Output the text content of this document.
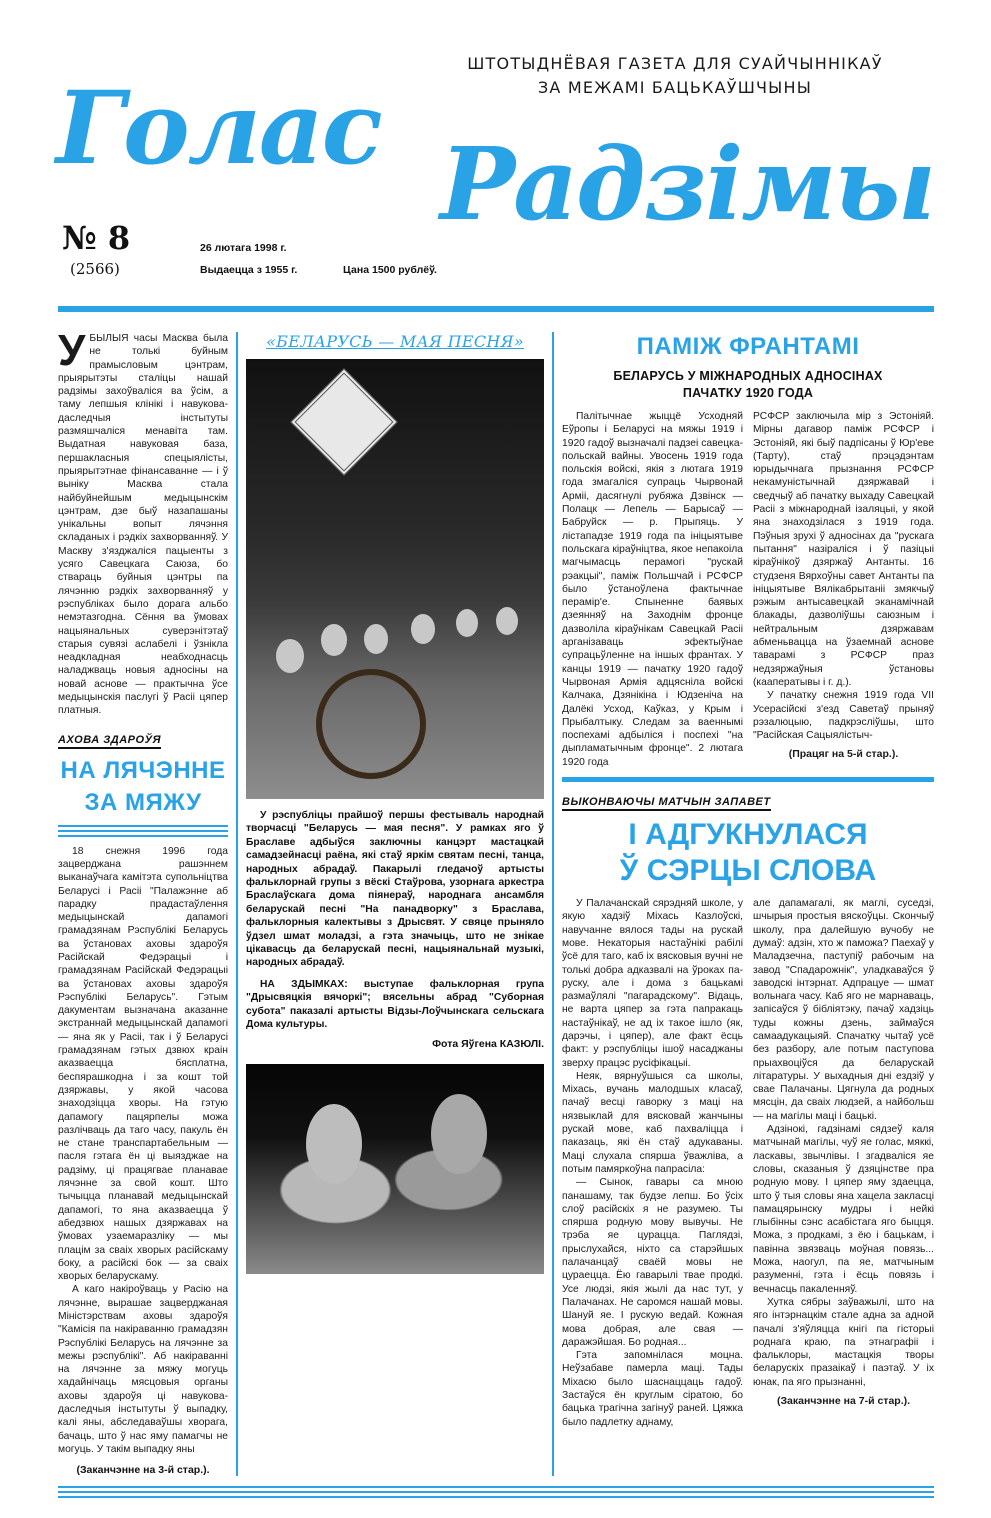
ШТОТЫДНЁВАЯ ГАЗЕТА ДЛЯ СУАЙЧЫННІКАЎ
ЗА МЕЖАМІ БАЦЬКАЎШЧЫНЫ
Голас Радзімы
№ 8
(2566)
26 лютага 1998 г.
Выдаецца з 1955 г.	Цана 1500 рублёў.

УБЫЛЫЯ часы Масква была не толькі буйным прамысловым цэнтрам, прыярытэты сталіцы нашай радзімы захоўваліся ва ўсім, а таму лепшыя клінікі і навукова-даследчыя інстытуты размяшчаліся менавіта там. Выдатная навуковая база, першакласныя спецыялісты, прыярытэтнае фінансаванне — і ў выніку Масква стала найбуйнейшым медыцынскім цэнтрам, дзе быў назапашаны унікальны вопыт лячэння складаных і рэдкіх захворванняў. У Маскву з'язджаліся пацыенты з усяго Савецкага Саюза, бо ствараць буйныя цэнтры па лячэнню рэдкіх захворванняў у рэспубліках было дорага альбо немэтазгодна. Сёння ва ўмовах нацыянальных суверэнітэтаў старыя сувязі аслабелі і ўзнікла неадкладная неабходнасць наладжваць новыя адносіны на новай аснове — практычна ўсе медыцынскія паслугі ў Расіі цяпер платныя.

АХОВА ЗДАРОЎЯ
НА ЛЯЧЭННЕ
ЗА МЯЖУ

18 снежня 1996 года зацверджана рашэннем выканаўчага камітэта супольніцтва Беларусі і Расіі "Палажэнне аб парадку прадастаўлення медыцынскай дапамогі грамадзянам Рэспублікі Беларусь ва ўстановах аховы здароўя Расійскай Федэрацыі і грамадзянам Расійскай Федэрацыі ва ўстановах аховы здароўя Рэспублікі Беларусь". Гэтым дакументам вызначана аказанне экстраннай медыцынскай дапамогі — яна як у Расіі, так і ў Беларусі грамадзянам гэтых дзвюх краін аказваецца бясплатна, беспярашкодна і за кошт той дзяржавы, у якой часова знаходзіцца хворы. На гэтую дапамогу пацярпелы можа разлічваць да таго часу, пакуль ён не стане транспартабельным — пасля гэтага ён ці выязджае на радзіму, ці працягвае планавае лячэнне за свой кошт. Што тычыцца планавай медыцынскай дапамогі, то яна аказваецца ў абедзвюх нашых дзяржавах на ўмовах узаемаразліку — мы плацім за сваіх хворых расійскаму боку, а расійскі бок — за сваіх хворых беларускаму.

А каго накіроўваць у Расію на лячэнне, вырашае зацверджаная Міністэрствам аховы здароўя "Камісія па накіраванню грамадзян Рэспублікі Беларусь на лячэнне за межы рэспублікі". Аб накіраванні на лячэнне за мяжу могуць хадайнічаць мясцовыя органы аховы здароўя ці навукова-даследчыя інстытуты ў выпадку, калі яны, абследаваўшы хворага, бачаць, што ў нас яму памагчы не могуць. У такім выпадку яны

(Заканчэнне на 3-й стар.).
«БЕЛАРУСЬ — МАЯ ПЕСНЯ»

У рэспубліцы прайшоў першы фестываль народнай творчасці "Беларусь — мая песня". У рамках яго ў Браславе адбыўся заключны канцэрт мастацкай самадзейнасці раёна, які стаў яркім святам песні, танца, народных абрадаў. Пакарылі гледачоў артысты фальклорнай групы з вёскі Стаўрова, узорнага аркестра Браслаўскага дома піянераў, народнага ансамбля беларускай песні "На панадворку" з Браслава, фальклорныя калектывы з Дрысвят. У свяце прыняло ўдзел шмат моладзі, а гэта значыць, што не знікае цікавасць да беларускай песні, нацыянальнай музыкі, народных абрадаў.

НА ЗДЫМКАХ: выступае фальклорная група "Дрысвяцкія вячоркі"; вясельны абрад "Суборная субота" паказалі артысты Відзы-Лоўчынскага сельскага Дома культуры.

Фота Яўгена КАЗЮЛІ.
ПАМІЖ ФРАНТАМІ
БЕЛАРУСЬ У МІЖНАРОДНЫХ АДНОСІНАХ
ПАЧАТКУ 1920 ГОДА

Палітычнае жыццё Усходняй Еўропы і Беларусі на мяжы 1919 і 1920 гадоў вызначалі падзеі савецка-польскай вайны. Увосень 1919 года польскія войскі, якія з лютага 1919 года змагаліся супраць Чырвонай Арміі, дасягнулі рубяжа Дзвінск — Полацк — Лепель — Барысаў — Бабруйск — р. Прыпяць. У лістападзе 1919 года па ініцыятыве польскага кіраўніцтва, якое непакоіла магчымасць перамогі "рускай рэакцыі", паміж Польшчай і РСФСР было ўстаноўлена фактычнае перамір'е. Спыненне баявых дзеянняў на Заходнім фронце дазволіла кіраўнікам Савецкай Расіі арганізаваць эфектыўнае супрацьўленне на іншых франтах. У канцы 1919 — пачатку 1920 гадоў Чырвоная Армія адцясніла войскі Калчака, Дзянікіна і Юдзеніча на Далёкі Усход, Каўказ, у Крым і Прыбалтыку. Следам за ваеннымі поспехамі адбыліся і поспехі "на дыпламатычным фронце". 2 лютага 1920 года

РСФСР заключыла мір з Эстоніяй. Мірны дагавор паміж РСФСР і Эстоніяй, які быў падпісаны ў Юр'еве (Тарту), стаў прэцэдэнтам юрыдычнага прызнання РСФСР некамуністычнай дзяржавай і сведчыў аб пачатку выхаду Савецкай Расіі з міжнароднай ізаляцыі, у якой яна знаходзілася з 1919 года. Пэўныя зрухі ў адносінах да "рускага пытання" назіраліся і ў пазіцыі кіраўнікоў дзяржаў Антанты. 16 студзеня Вярхоўны савет Антанты па ініцыятыве Вялікабрытаніі змякчыў рэжым антысавецкай эканамічнай блакады, дазволіўшы саюзным і нейтральным дзяржавам абменьвацца на ўзаемнай аснове таварамі з РСФСР праз недзяржаўныя ўстановы (кааператывы і г. д.).

У пачатку снежня 1919 года VII Усерасійскі з'езд Саветаў прыняў рэзалюцыю, падкрэсліўшы, што "Расійская Сацыялістыч-

(Працяг на 5-й стар.).
ВЫКОНВАЮЧЫ МАТЧЫН ЗАПАВЕТ
І АДГУКНУЛАСЯ
Ў СЭРЦЫ СЛОВА

У Палачанскай сярэдняй школе, у якую хадзіў Міхась Казлоўскі, навучанне вялося тады на рускай мове. Некаторыя настаўнікі рабілі ўсё для таго, каб іх вясковыя вучні не толькі добра адказвалі на ўроках па-руску, але і дома з бацькамі размаўлялі "пагарадскому". Відаць, не варта цяпер за гэта папракаць настаўнікаў, не ад іх такое ішло (як, дарэчы, і цяпер), але факт ёсць факт: у рэспубліцы ішоў насаджаны зверху працэс русіфікацыі.

Неяк, вярнуўшыся са школы, Міхась, вучань малодшых класаў, пачаў весці гаворку з маці на нязвыклай для вясковай жанчыны рускай мове, каб пахваліцца і паказаць, які ён стаў адукаваны. Маці слухала спярша ўважліва, а потым памяркоўна папрасіла:

— Сынок, гавары са мною панашаму, так будзе лепш. Бо ўсіх слоў расійскіх я не разумею. Ты спярша родную мову вывучы. Не трэба яе цурацца. Паглядзі, прыслухайся, ніхто са старэйшых палачанцаў сваёй мовы не цураецца. Ёю гаварылі твае продкі. Усе людзі, якія жылі да нас тут, у Палачанах. Не саромся нашай мовы. Шануй яе. І рускую ведай. Кожная мова добрая, але свая — даражэйшая. Бо родная...

Гэта запомнілася моцна. Неўзабаве памерла маці. Тады Міхасю было шаснаццаць гадоў. Застаўся ён круглым сіратою, бо бацька трагічна загінуў раней. Цяжка было падлетку аднаму,

але дапамагалі, як маглі, суседзі, шчырыя простыя вяскоўцы. Скончыў школу, пра далейшую вучобу не думаў: адзін, хто ж паможа? Паехаў у Маладзечна, паступіў рабочым на завод "Спадарожнік", уладкаваўся ў заводскі інтэрнат. Адпрацуе — шмат вольнага часу. Каб яго не марнаваць, запісаўся ў бібліятэку, пачаў хадзіць туды кожны дзень, займаўся самаадукацыяй. Спачатку чытаў усё без разбору, але потым паступова прыахвоціўся да беларускай літаратуры. У выхадныя дні ездзіў у свае Палачаны. Цягнула да родных мясцін, да сваіх людзей, а найбольш — на магілы маці і бацькі.

Адзінокі, гадзінамі сядзеў каля матчынай магілы, чуў яе голас, мяккі, ласкавы, звычлівы. І згадваліся яе словы, сказаныя ў дзяцінстве пра родную мову. І цяпер яму здаецца, што ў тыя словы яна хацела закласці памацярынску мудры і нейкі глыбінны сэнс асабістага яго быцця. Можа, з продкамі, з ёю і бацькам, і павінна звязваць моўная повязь... Можа, наогул, па яе, матчыным разуменні, гэта і ёсць повязь і вечнасць пакаленняў.

Хутка сябры заўважылі, што на яго інтэрнацкім стале адна за адной пачалі з'яўляцца кнігі па гісторыі роднага краю, па этнаграфіі і фальклоры, мастацкія творы беларускіх празаікаў і паэтаў. У іх юнак, па яго прызнанні,

(Заканчэнне на 7-й стар.).
